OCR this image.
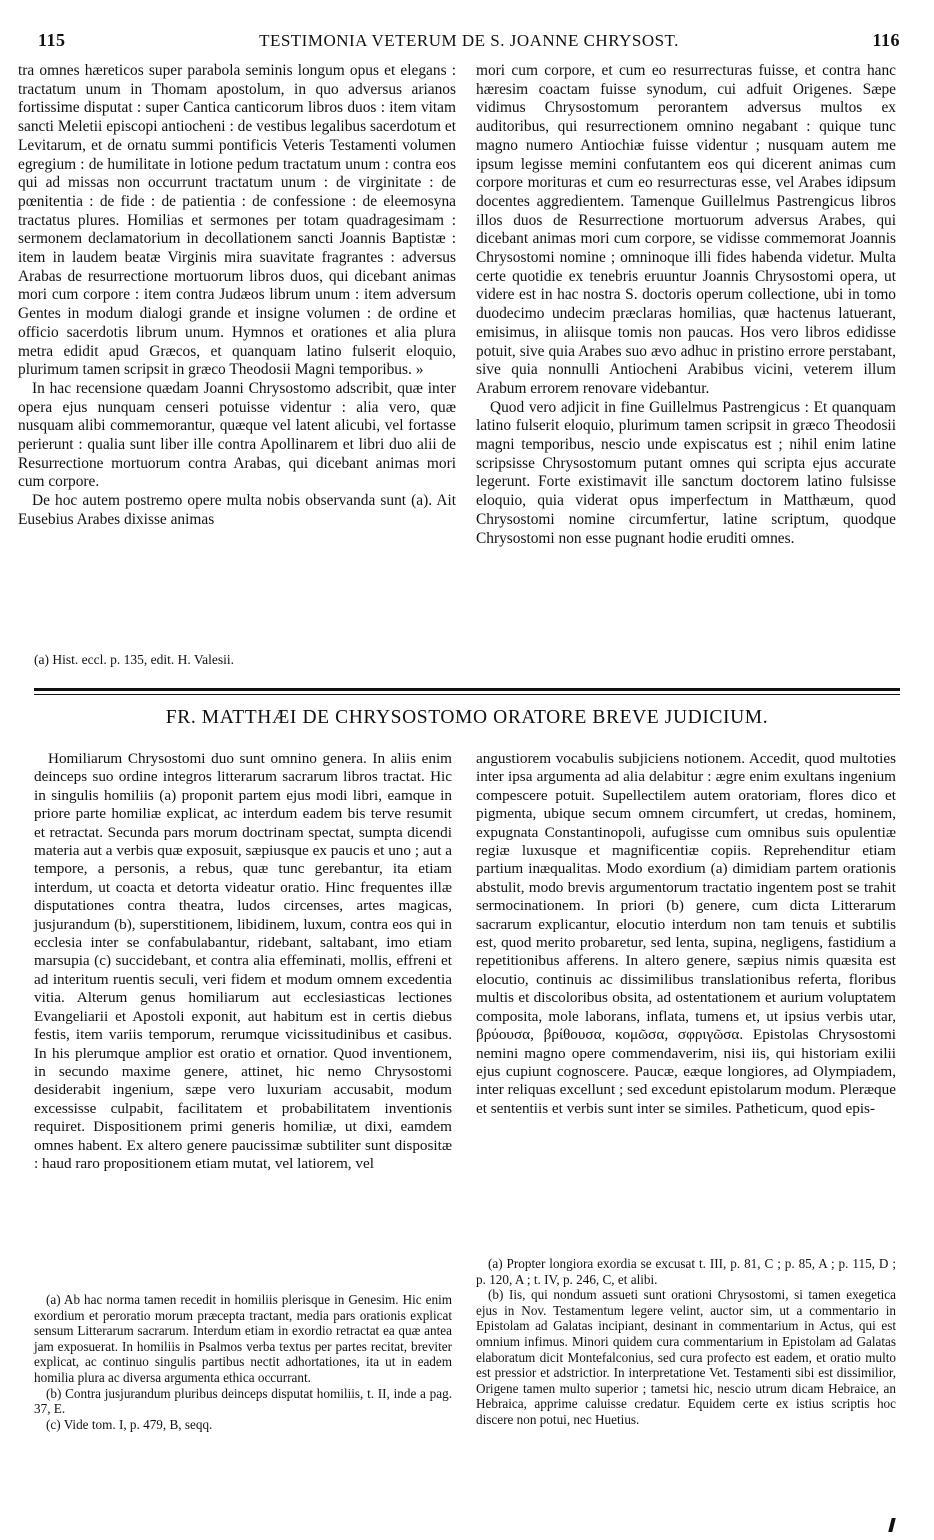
115	TESTIMONIA VETERUM DE S. JOANNE CHRYSOST.	116

tra omnes hæreticos super parabola seminis longum opus et elegans : tractatum unum in Thomam apostolum, in quo adversus arianos fortissime disputat : super Cantica canticorum libros duos : item vitam sancti Meletii episcopi antiocheni : de vestibus legalibus sacerdotum et Levitarum, et de ornatu summi pontificis Veteris Testamenti volumen egregium : de humilitate in lotione pedum tractatum unum : contra eos qui ad missas non occurrunt tractatum unum : de virginitate : de pœnitentia : de fide : de patientia : de confessione : de eleemosyna tractatus plures. Homilias et sermones per totam quadragesimam : sermonem declamatorium in decollationem sancti Joannis Baptistæ : item in laudem beatæ Virginis mira suavitate fragrantes : adversus Arabas de resurrectione mortuorum libros duos, qui dicebant animas mori cum corpore : item contra Judæos librum unum : item adversum Gentes in modum dialogi grande et insigne volumen : de ordine et officio sacerdotis librum unum. Hymnos et orationes et alia plura metra edidit apud Græcos, et quanquam latino fulserit eloquio, plurimum tamen scripsit in græco Theodosii Magni temporibus. »

In hac recensione quædam Joanni Chrysostomo adscribit, quæ inter opera ejus nunquam censeri potuisse videntur : alia vero, quæ nusquam alibi commemorantur, quæque vel latent alicubi, vel fortasse perierunt : qualia sunt liber ille contra Apollinarem et libri duo alii de Resurrectione mortuorum contra Arabas, qui dicebant animas mori cum corpore.

De hoc autem postremo opere multa nobis observanda sunt (a). Ait Eusebius Arabes dixisse animas

(a) Hist. eccl. p. 135, edit. H. Valesii.

mori cum corpore, et cum eo resurrecturas fuisse, et contra hanc hæresim coactam fuisse synodum, cui adfuit Origenes. Sæpe vidimus Chrysostomum perorantem adversus multos ex auditoribus, qui resurrectionem omnino negabant : quique tunc magno numero Antiochiæ fuisse videntur ; nusquam autem me ipsum legisse memini confutantem eos qui dicerent animas cum corpore morituras et cum eo resurrecturas esse, vel Arabes idipsum docentes aggredientem. Tamenque Guillelmus Pastrengicus libros illos duos de Resurrectione mortuorum adversus Arabes, qui dicebant animas mori cum corpore, se vidisse commemorat Joannis Chrysostomi nomine ; omninoque illi fides habenda videtur. Multa certe quotidie ex tenebris eruuntur Joannis Chrysostomi opera, ut videre est in hac nostra S. doctoris operum collectione, ubi in tomo duodecimo undecim præclaras homilias, quæ hactenus latuerant, emisimus, in aliisque tomis non paucas. Hos vero libros edidisse potuit, sive quia Arabes suo ævo adhuc in pristino errore perstabant, sive quia nonnulli Antiocheni Arabibus vicini, veterem illum Arabum errorem renovare videbantur.

Quod vero adjicit in fine Guillelmus Pastrengicus : Et quanquam latino fulserit eloquio, plurimum tamen scripsit in græco Theodosii magni temporibus, nescio unde expiscatus est ; nihil enim latine scripsisse Chrysostomum putant omnes qui scripta ejus accurate legerunt. Forte existimavit ille sanctum doctorem latino fulsisse eloquio, quia viderat opus imperfectum in Matthæum, quod Chrysostomi nomine circumfertur, latine scriptum, quodque Chrysostomi non esse pugnant hodie eruditi omnes.

FR. MATTHÆI DE CHRYSOSTOMO ORATORE BREVE JUDICIUM.

Homiliarum Chrysostomi duo sunt omnino genera. In aliis enim deinceps suo ordine integros litterarum sacrarum libros tractat. Hic in singulis homiliis (a) proponit partem ejus modi libri, eamque in priore parte homiliæ explicat, ac interdum eadem bis terve resumit et retractat. Secunda pars morum doctrinam spectat, sumpta dicendi materia aut a verbis quæ exposuit, sæpiusque ex paucis et uno ; aut a tempore, a personis, a rebus, quæ tunc gerebantur, ita etiam interdum, ut coacta et detorta videatur oratio. Hinc frequentes illæ disputationes contra theatra, ludos circenses, artes magicas, jusjurandum (b), superstitionem, libidinem, luxum, contra eos qui in ecclesia inter se confabulabantur, ridebant, saltabant, imo etiam marsupia (c) succidebant, et contra alia effeminati, mollis, effreni et ad interitum ruentis seculi, veri fidem et modum omnem excedentia vitia. Alterum genus homiliarum aut ecclesiasticas lectiones Evangeliarii et Apostoli exponit, aut habitum est in certis diebus festis, item variis temporum, rerumque vicissitudinibus et casibus. In his plerumque amplior est oratio et ornatior. Quod inventionem, in secundo maxime genere, attinet, hic nemo Chrysostomi desiderabit ingenium, sæpe vero luxuriam accusabit, modum excessisse culpabit, facilitatem et probabilitatem inventionis requiret. Dispositionem primi generis homiliæ, ut dixi, eamdem omnes habent. Ex altero genere paucissimæ subtiliter sunt dispositæ : haud raro propositionem etiam mutat, vel latiorem, vel

angustiorem vocabulis subjiciens notionem. Accedit, quod multoties inter ipsa argumenta ad alia delabitur : ægre enim exultans ingenium compescere potuit. Supellectilem autem oratoriam, flores dico et pigmenta, ubique secum omnem circumfert, ut credas, hominem, expugnata Constantinopoli, aufugisse cum omnibus suis opulentiæ regiæ luxusque et magnificentiæ copiis. Reprehenditur etiam partium inæqualitas. Modo exordium (a) dimidiam partem orationis abstulit, modo brevis argumentorum tractatio ingentem post se trahit sermocinationem. In priori (b) genere, cum dicta Litterarum sacrarum explicantur, elocutio interdum non tam tenuis et subtilis est, quod merito probaretur, sed lenta, supina, negligens, fastidium a repetitionibus afferens. In altero genere, sæpius nimis quæsita est elocutio, continuis ac dissimilibus translationibus referta, floribus multis et discoloribus obsita, ad ostentationem et aurium voluptatem composita, mole laborans, inflata, tumens et, ut ipsius verbis utar, βρύουσα, βρίθουσα, κομῶσα, σφριγῶσα. Epistolas Chrysostomi nemini magno opere commendaverim, nisi iis, qui historiam exilii ejus cupiunt cognoscere. Paucæ, eæque longiores, ad Olympiadem, inter reliquas excellunt ; sed excedunt epistolarum modum. Pleræque et sententiis et verbis sunt inter se similes. Patheticum, quod epis-

(a) Ab hac norma tamen recedit in homiliis plerisque in Genesim. Hic enim exordium et peroratio morum præcepta tractant, media pars orationis explicat sensum Litterarum sacrarum. Interdum etiam in exordio retractat ea quæ antea jam exposuerat. In homiliis in Psalmos verba textus per partes recitat, breviter explicat, ac continuo singulis partibus nectit adhortationes, ita ut in eadem homilia plura ac diversa argumenta ethica occurrant.

(b) Contra jusjurandum pluribus deinceps disputat homiliis, t. II, inde a pag. 37, E.

(c) Vide tom. I, p. 479, B, seqq.

(a) Propter longiora exordia se excusat t. III, p. 81, C ; p. 85, A ; p. 115, D ; p. 120, A ; t. IV, p. 246, C, et alibi.

(b) Iis, qui nondum assueti sunt orationi Chrysostomi, si tamen exegetica ejus in Nov. Testamentum legere velint, auctor sim, ut a commentario in Epistolam ad Galatas incipiant, desinant in commentarium in Actus, qui est omnium infimus. Minori quidem cura commentarium in Epistolam ad Galatas elaboratum dicit Montefalconius, sed cura profecto est eadem, et oratio multo est pressior et adstrictior. In interpretatione Vet. Testamenti sibi est dissimilior, Origene tamen multo superior ; tametsi hic, nescio utrum dicam Hebraice, an Hebraica, apprime caluisse credatur. Equidem certe ex istius scriptis hoc discere non potui, nec Huetius.
